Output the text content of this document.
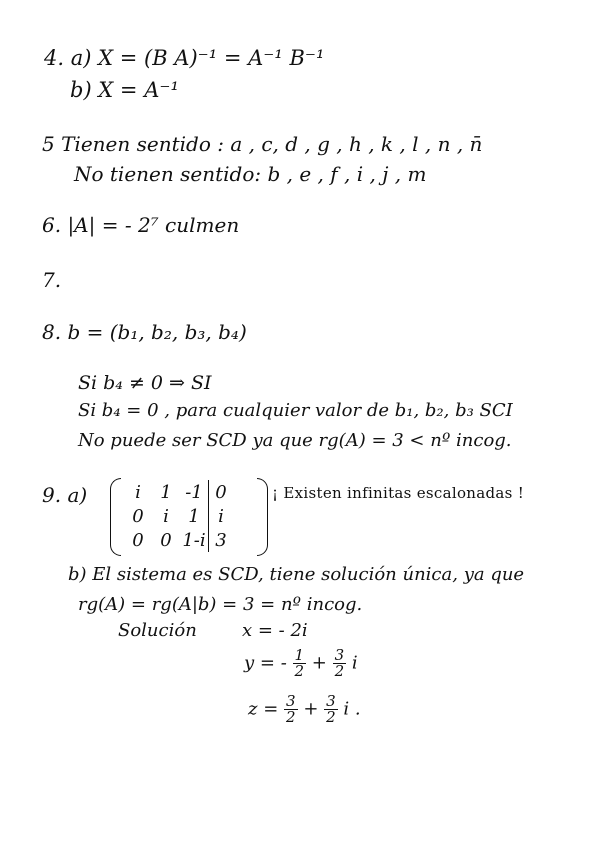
4. a) X = (B A)⁻¹ = A⁻¹ B⁻¹
b) X = A⁻¹
5 Tienen sentido : a , c, d , g , h , k , l , n , n̄
No tienen sentido: b , e , f , i , j , m
6. |A| = - 2⁷ culmen
7.
8. b = (b₁, b₂, b₃, b₄)
Si b₄ ≠ 0 ⇒ SI
Si b₄ = 0 , para cualquier valor de b₁, b₂, b₃ SCI
No puede ser SCD ya que rg(A) = 3 < nº incog.
9. a)	i	1	-1	0
0	i	1	i
0	0	1-i	3
¡ Existen infinitas escalonadas !
b) El sistema es SCD, tiene solución única, ya que
rg(A) = rg(A|b) = 3 = nº incog.
Solución	x = - 2i
y = - $\frac{1}{2} + \frac{3}{2}$ i
$z = \frac{3}{2} + \frac{3}{2}$ i .
